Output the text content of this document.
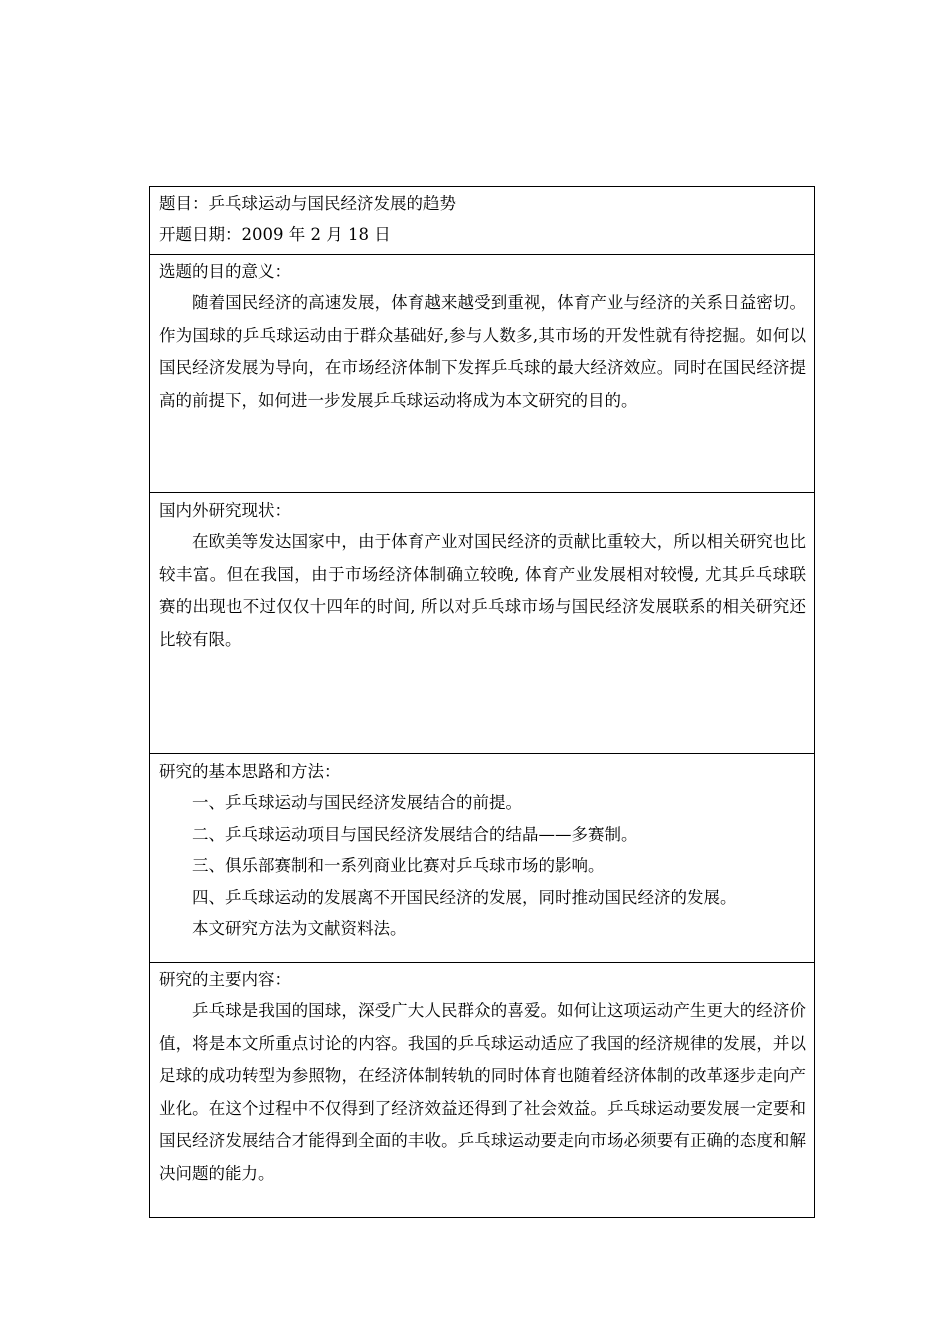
题目：乒乓球运动与国民经济发展的趋势
开题日期：2009 年 2 月 18 日
选题的目的意义：

随着国民经济的高速发展，体育越来越受到重视，体育产业与经济的关系日益密切。作为国球的乒乓球运动由于群众基础好,参与人数多,其市场的开发性就有待挖掘。如何以国民经济发展为导向，在市场经济体制下发挥乒乓球的最大经济效应。同时在国民经济提高的前提下，如何进一步发展乒乓球运动将成为本文研究的目的。

国内外研究现状：

在欧美等发达国家中，由于体育产业对国民经济的贡献比重较大，所以相关研究也比较丰富。但在我国，由于市场经济体制确立较晚, 体育产业发展相对较慢, 尤其乒乓球联赛的出现也不过仅仅十四年的时间, 所以对乒乓球市场与国民经济发展联系的相关研究还比较有限。

研究的基本思路和方法：
一、乒乓球运动与国民经济发展结合的前提。
二、乒乓球运动项目与国民经济发展结合的结晶——多赛制。
三、俱乐部赛制和一系列商业比赛对乒乓球市场的影响。
四、乒乓球运动的发展离不开国民经济的发展，同时推动国民经济的发展。
本文研究方法为文献资料法。
研究的主要内容：

乒乓球是我国的国球，深受广大人民群众的喜爱。如何让这项运动产生更大的经济价值，将是本文所重点讨论的内容。我国的乒乓球运动适应了我国的经济规律的发展，并以足球的成功转型为参照物，在经济体制转轨的同时体育也随着经济体制的改革逐步走向产业化。在这个过程中不仅得到了经济效益还得到了社会效益。乒乓球运动要发展一定要和国民经济发展结合才能得到全面的丰收。乒乓球运动要走向市场必须要有正确的态度和解决问题的能力。
